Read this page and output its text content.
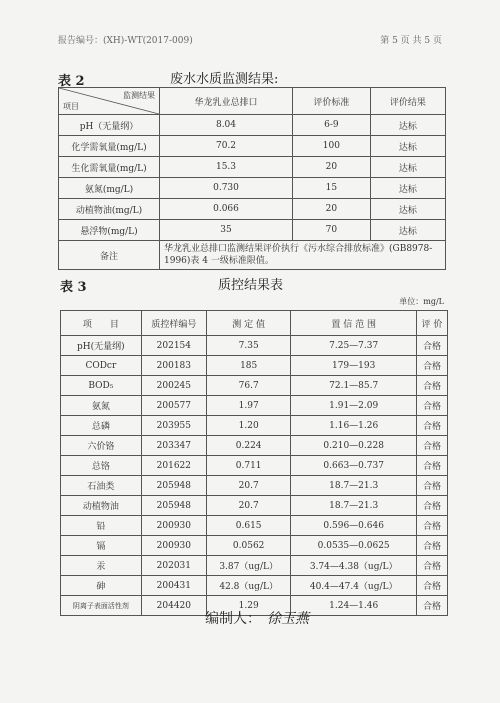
报告编号：(XH)-WT(2017-009)	第 5 页 共 5 页
表 2	废水水质监测结果:
监测结果
项目	华龙乳业总排口	评价标准	评价结果
pH（无量纲）	8.04	6-9	达标
化学需氧量(mg/L)	70.2	100	达标
生化需氧量(mg/L)	15.3	20	达标
氨氮(mg/L)	0.730	15	达标
动植物油(mg/L)	0.066	20	达标
悬浮物(mg/L)	35	70	达标
备注	华龙乳业总排口监测结果评价执行《污水综合排放标准》(GB8978-1996)表 4 一级标准限值。		
表 3	质控结果表
单位：mg/L
项　　目	质控样编号	测 定 值	置 信 范 围	评 价
pH(无量纲)	202154	7.35	7.25—7.37	合格
CODcr	200183	185	179—193	合格
BOD₅	200245	76.7	72.1—85.7	合格
氨氮	200577	1.97	1.91—2.09	合格
总磷	203955	1.20	1.16—1.26	合格
六价铬	203347	0.224	0.210—0.228	合格
总铬	201622	0.711	0.663—0.737	合格
石油类	205948	20.7	18.7—21.3	合格
动植物油	205948	20.7	18.7—21.3	合格
铅	200930	0.615	0.596—0.646	合格
镉	200930	0.0562	0.0535—0.0625	合格
汞	202031	3.87（ug/L）	3.74—4.38（ug/L）	合格
砷	200431	42.8（ug/L）	40.4—47.4（ug/L）	合格
阴离子表面活性剂	204420	1.29	1.24—1.46	合格
编制人： 徐玉燕
